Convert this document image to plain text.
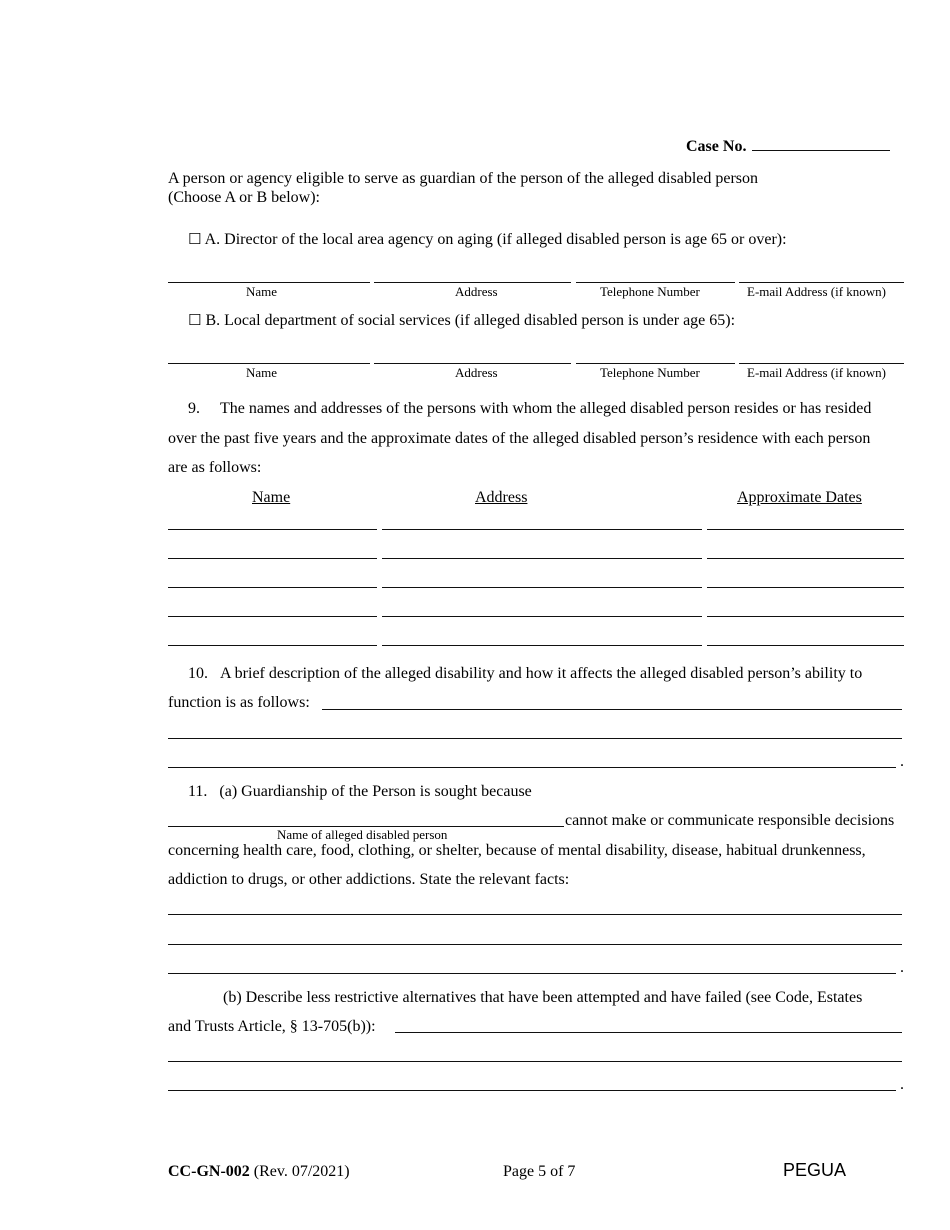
Case No.
A person or agency eligible to serve as guardian of the person of the alleged disabled person
(Choose A or B below):
☐ A. Director of the local area agency on aging (if alleged disabled person is age 65 or over):
Name	Address	Telephone Number	E-mail Address (if known)
☐ B. Local department of social services (if alleged disabled person is under age 65):
Name	Address	Telephone Number	E-mail Address (if known)
9.     The names and addresses of the persons with whom the alleged disabled person resides or has resided
over the past five years and the approximate dates of the alleged disabled person’s residence with each person
are as follows:
Name	Address	Approximate Dates
10.   A brief description of the alleged disability and how it affects the alleged disabled person’s ability to
function is as follows:
.
11.   (a) Guardianship of the Person is sought because
cannot make or communicate responsible decisions
Name of alleged disabled person
concerning health care, food, clothing, or shelter, because of mental disability, disease, habitual drunkenness,
addiction to drugs, or other addictions. State the relevant facts:
.
(b) Describe less restrictive alternatives that have been attempted and have failed (see Code, Estates
and Trusts Article, § 13-705(b)):
.
CC-GN-002 (Rev. 07/2021)	Page 5 of 7	PEGUA
